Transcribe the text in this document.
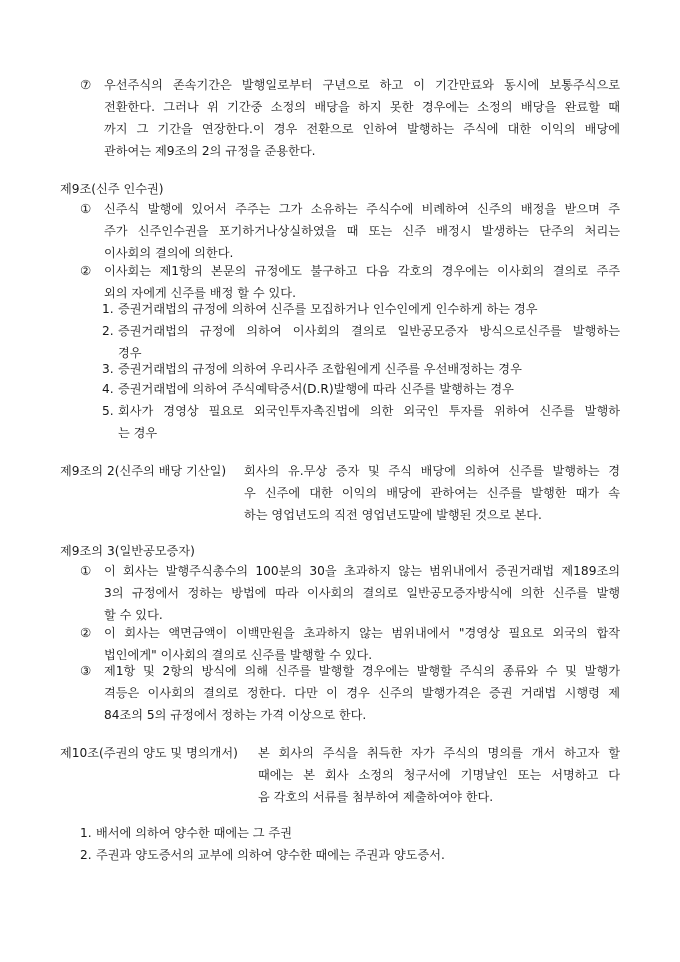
⑦ 우선주식의 존속기간은 발행일로부터 구년으로 하고 이 기간만료와 동시에 보통주식으로
전환한다. 그러나 위 기간중 소정의 배당을 하지 못한 경우에는 소정의 배당을 완료할 때
까지 그 기간을 연장한다.이 경우 전환으로 인하여 발행하는 주식에 대한 이익의 배당에
관하여는 제9조의 2의 규정을 준용한다.
제9조(신주 인수권)
① 신주식 발행에 있어서 주주는 그가 소유하는 주식수에 비례하여 신주의 배정을 받으며 주
주가 신주인수권을 포기하거나상실하였을 때 또는 신주 배정시 발생하는 단주의 처리는
이사회의 결의에 의한다.
② 이사회는 제1항의 본문의 규정에도 불구하고 다음 각호의 경우에는 이사회의 결의로 주주
외의 자에게 신주를 배정 할 수 있다.
1. 증권거래법의 규정에 의하여 신주를 모집하거나 인수인에게 인수하게 하는 경우
2. 증권거래법의 규정에 의하여 이사회의 결의로 일반공모증자 방식으로신주를 발행하는
경우
3. 증권거래법의 규정에 의하여 우리사주 조합원에게 신주를 우선배정하는 경우
4. 증권거래법에 의하여 주식예탁증서(D.R)발행에 따라 신주를 발행하는 경우
5. 회사가 경영상 필요로 외국인투자촉진법에 의한 외국인 투자를 위하여 신주를 발행하
는 경우
제9조의 2(신주의 배당 기산일) 회사의 유.무상 증자 및 주식 배당에 의하여 신주를 발행하는 경
우 신주에 대한 이익의 배당에 관하여는 신주를 발행한 때가 속
하는 영업년도의 직전 영업년도말에 발행된 것으로 본다.
제9조의 3(일반공모증자)
① 이 회사는 발행주식총수의 100분의 30을 초과하지 않는 범위내에서 증권거래법 제189조의
3의 규정에서 정하는 방법에 따라 이사회의 결의로 일반공모증자방식에 의한 신주를 발행
할 수 있다.
② 이 회사는 액면금액이 이백만원을 초과하지 않는 범위내에서 "경영상 필요로 외국의 합작
법인에게" 이사회의 결의로 신주를 발행할 수 있다.
③ 제1항 및 2항의 방식에 의해 신주를 발행할 경우에는 발행할 주식의 종류와 수 및 발행가
격등은 이사회의 결의로 정한다. 다만 이 경우 신주의 발행가격은 증권 거래법 시행령 제
84조의 5의 규정에서 정하는 가격 이상으로 한다.
제10조(주권의 양도 및 명의개서) 본 회사의 주식을 취득한 자가 주식의 명의를 개서 하고자 할
때에는 본 회사 소정의 청구서에 기명날인 또는 서명하고 다
음 각호의 서류를 첨부하여 제출하여야 한다.
1. 배서에 의하여 양수한 때에는 그 주권
2. 주권과 양도증서의 교부에 의하여 양수한 때에는 주권과 양도증서.
